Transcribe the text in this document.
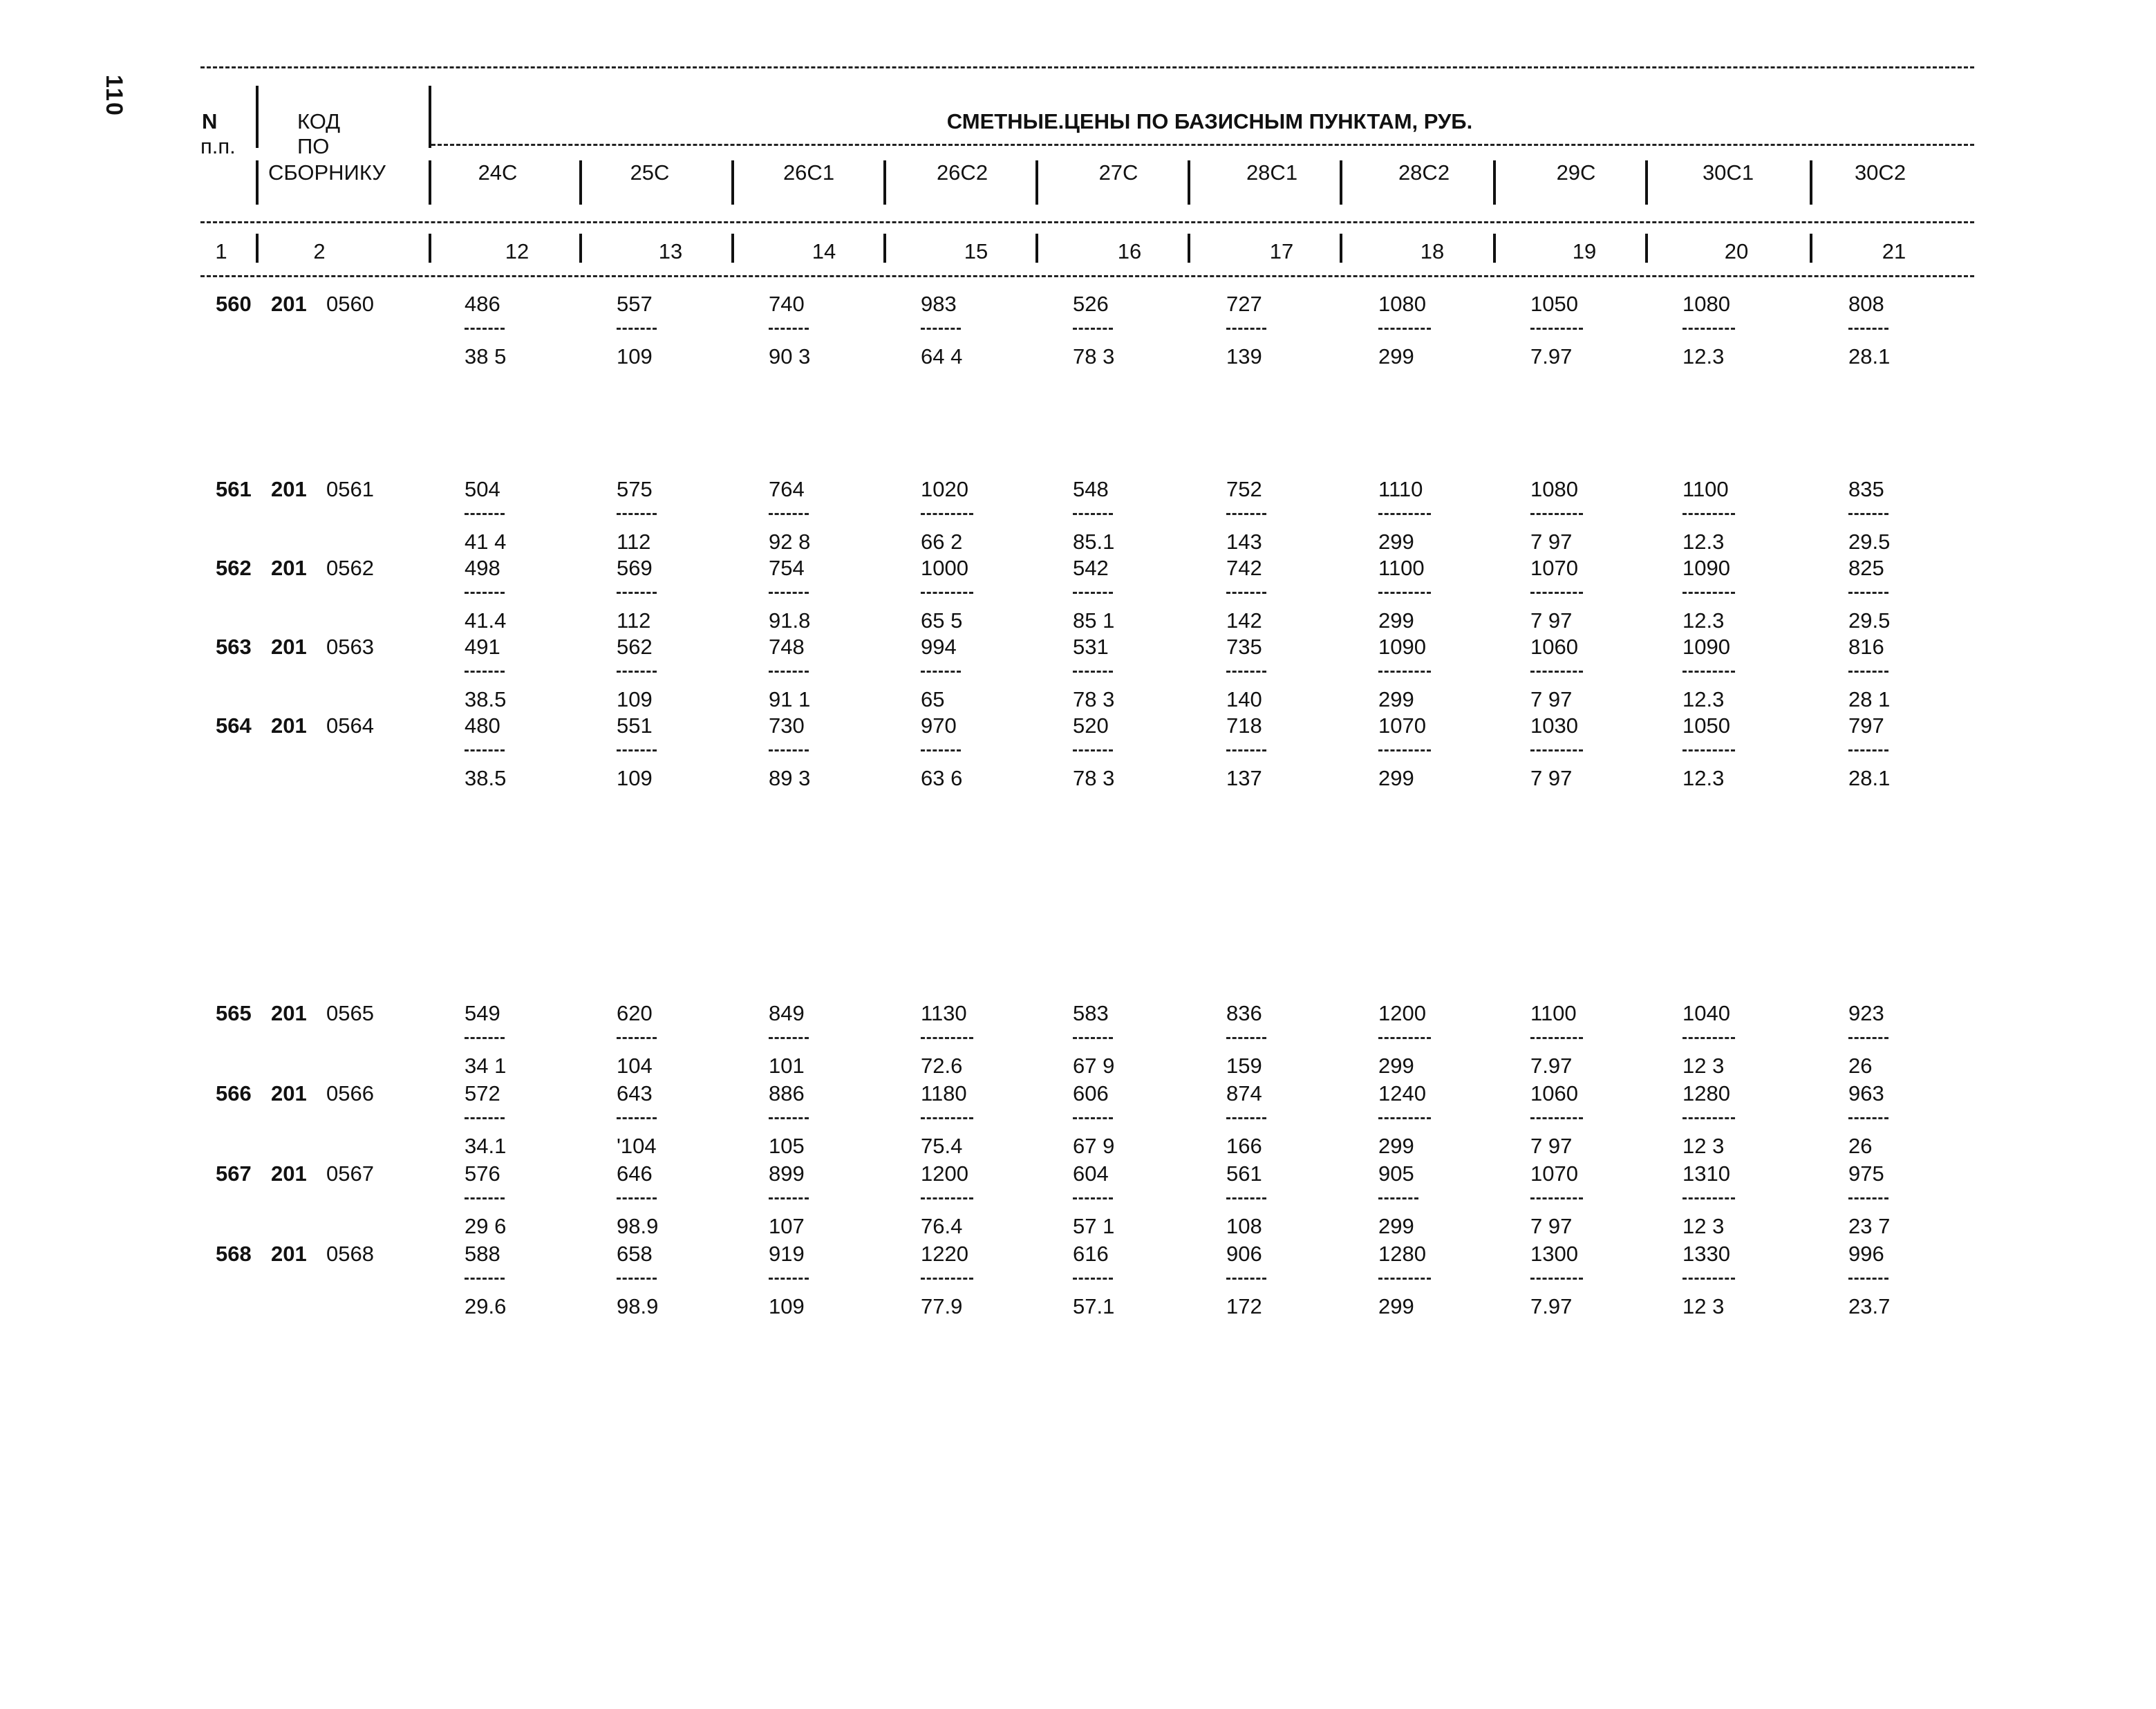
110
N
п.п.
КОД
ПО
СБОРНИКУ
СМЕТНЫЕ.ЦЕНЫ ПО БАЗИСНЫМ ПУНКТАМ, РУБ.
24С	25С	26С1	26С2	27С	28С1	28С2	29С	30С1	30С2
1	2	12	13	14	15	16	17	18	19	20	21
560 201 0560	486	557	740	983	526	727	1080	1050	1080	808
38 5	109	90 3	64 4	78 3	139	299	7.97	12.3	28.1
561 201 0561	504	575	764	1020	548	752	1110	1080	1100	835
41 4	112	92 8	66 2	85.1	143	299	7 97	12.3	29.5
562 201 0562	498	569	754	1000	542	742	1100	1070	1090	825
41.4	112	91.8	65 5	85 1	142	299	7 97	12.3	29.5
563 201 0563	491	562	748	994	531	735	1090	1060	1090	816
38.5	109	91 1	65	78 3	140	299	7 97	12.3	28 1
564 201 0564	480	551	730	970	520	718	1070	1030	1050	797
38.5	109	89 3	63 6	78 3	137	299	7 97	12.3	28.1
565 201 0565	549	620	849	1130	583	836	1200	1100	1040	923
34 1	104	101	72.6	67 9	159	299	7.97	12 3	26
566 201 0566	572	643	886	1180	606	874	1240	1060	1280	963
34.1	'104	105	75.4	67 9	166	299	7 97	12 3	26
567 201 0567	576	646	899	1200	604	561	905	1070	1310	975
29 6	98.9	107	76.4	57 1	108	299	7 97	12 3	23 7
568 201 0568	588	658	919	1220	616	906	1280	1300	1330	996
29.6	98.9	109	77.9	57.1	172	299	7.97	12 3	23.7
